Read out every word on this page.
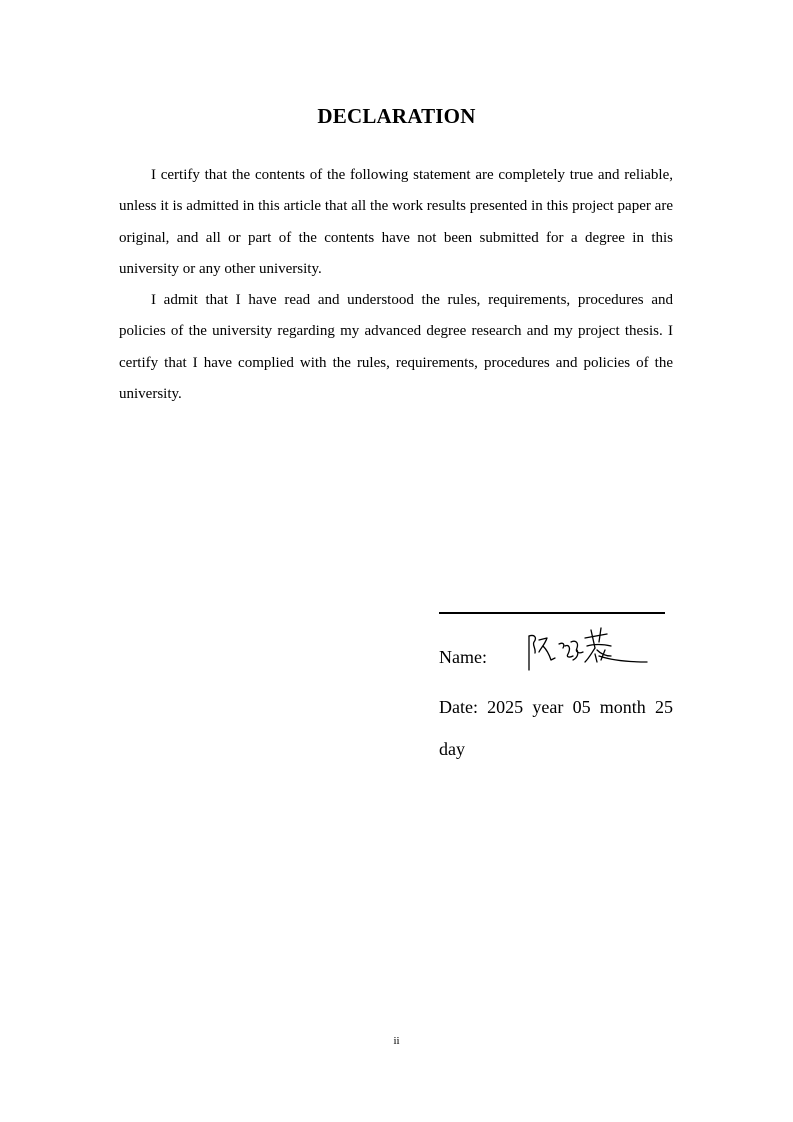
DECLARATION

I certify that the contents of the following statement are completely true and reliable, unless it is admitted in this article that all the work results presented in this project paper are original, and all or part of the contents have not been submitted for a degree in this university or any other university.

I admit that I have read and understood the rules, requirements, procedures and policies of the university regarding my advanced degree research and my project thesis. I certify that I have complied with the rules, requirements, procedures and policies of the university.

Name:

Date: 2025 year 05 month 25 day

ii
